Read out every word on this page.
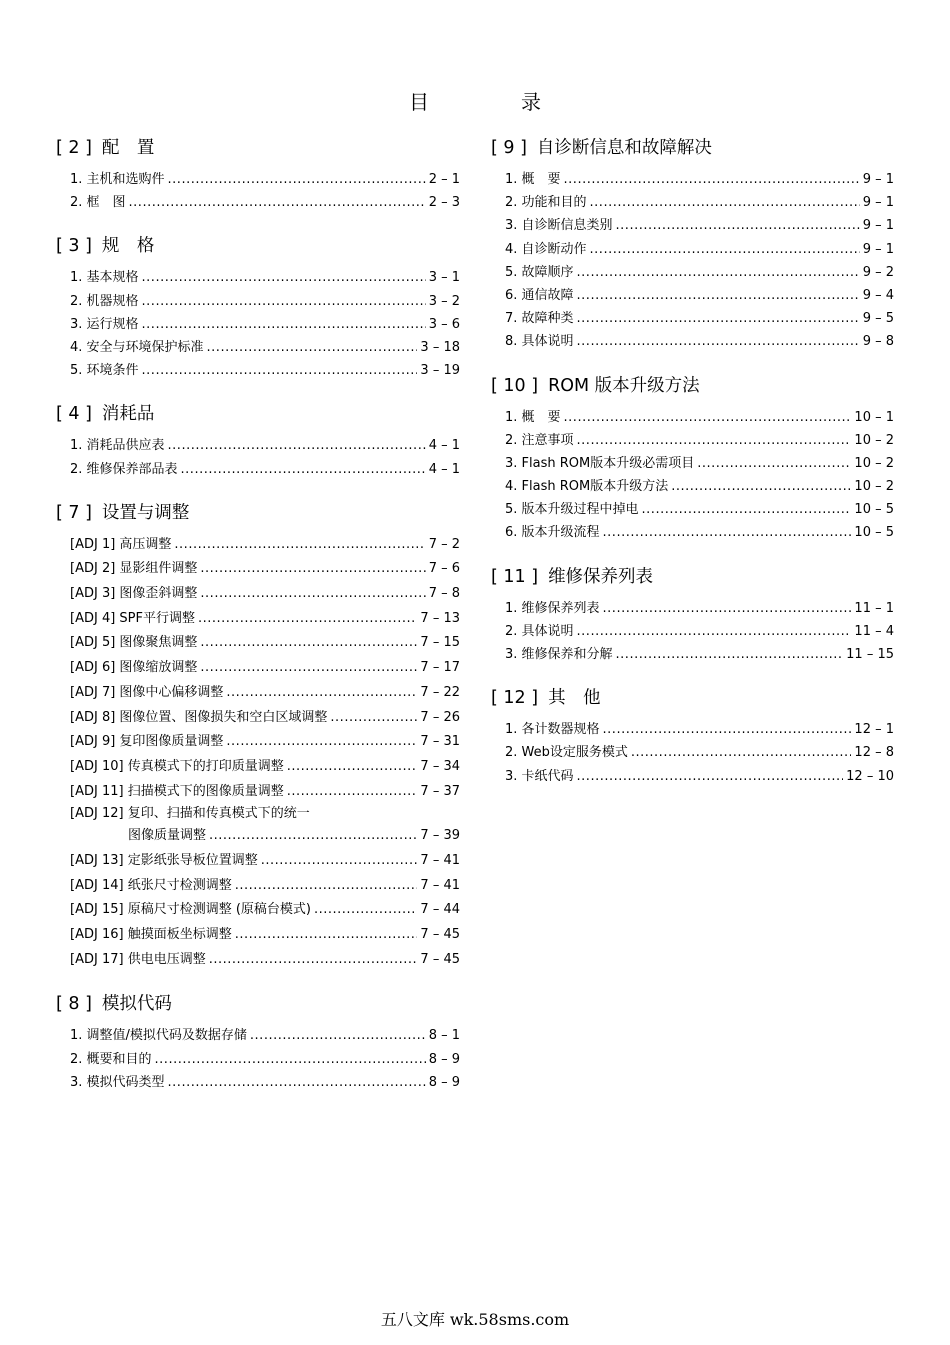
目　录
[ 2 ] 配　置
1. 主机和选购件 .....	2 – 1
2. 框　图 .....	2 – 3
[ 3 ] 规　格
1. 基本规格 .....	3 – 1
2. 机器规格 .....	3 – 2
3. 运行规格 .....	3 – 6
4. 安全与环境保护标准 .....	3 – 18
5. 环境条件 .....	3 – 19
[ 4 ] 消耗品
1. 消耗品供应表 .....	4 – 1
2. 维修保养部品表 .....	4 – 1
[ 7 ] 设置与调整
[ADJ 1] 高压调整 .....	7 – 2
[ADJ 2] 显影组件调整 .....	7 – 6
[ADJ 3] 图像歪斜调整 .....	7 – 8
[ADJ 4] SPF平行调整 .....	7 – 13
[ADJ 5] 图像聚焦调整 .....	7 – 15
[ADJ 6] 图像缩放调整 .....	7 – 17
[ADJ 7] 图像中心偏移调整 .....	7 – 22
[ADJ 8] 图像位置、图像损失和空白区域调整 .....	7 – 26
[ADJ 9] 复印图像质量调整 .....	7 – 31
[ADJ 10] 传真模式下的打印质量调整 .....	7 – 34
[ADJ 11] 扫描模式下的图像质量调整 .....	7 – 37
[ADJ 12] 复印、扫描和传真模式下的统一
图像质量调整 .....	7 – 39
[ADJ 13] 定影纸张导板位置调整 .....	7 – 41
[ADJ 14] 纸张尺寸检测调整 .....	7 – 41
[ADJ 15] 原稿尺寸检测调整 (原稿台模式) .....	7 – 44
[ADJ 16] 触摸面板坐标调整 .....	7 – 45
[ADJ 17] 供电电压调整 .....	7 – 45
[ 8 ] 模拟代码
1. 调整值/模拟代码及数据存储 .....	8 – 1
2. 概要和目的 .....	8 – 9
3. 模拟代码类型 .....	8 – 9
[ 9 ] 自诊断信息和故障解决
1. 概　要 .....	9 – 1
2. 功能和目的 .....	9 – 1
3. 自诊断信息类别 .....	9 – 1
4. 自诊断动作 .....	9 – 1
5. 故障顺序 .....	9 – 2
6. 通信故障 .....	9 – 4
7. 故障种类 .....	9 – 5
8. 具体说明 .....	9 – 8
[ 10 ] ROM 版本升级方法
1. 概　要 .....	10 – 1
2. 注意事项 .....	10 – 2
3. Flash ROM版本升级必需项目 .....	10 – 2
4. Flash ROM版本升级方法 .....	10 – 2
5. 版本升级过程中掉电 .....	10 – 5
6. 版本升级流程 .....	10 – 5
[ 11 ] 维修保养列表
1. 维修保养列表 .....	11 – 1
2. 具体说明 .....	11 – 4
3. 维修保养和分解 .....	11 – 15
[ 12 ] 其　他
1. 各计数器规格 .....	12 – 1
2. Web设定服务模式 .....	12 – 8
3. 卡纸代码 .....	12 – 10
五八文库 wk.58sms.com
